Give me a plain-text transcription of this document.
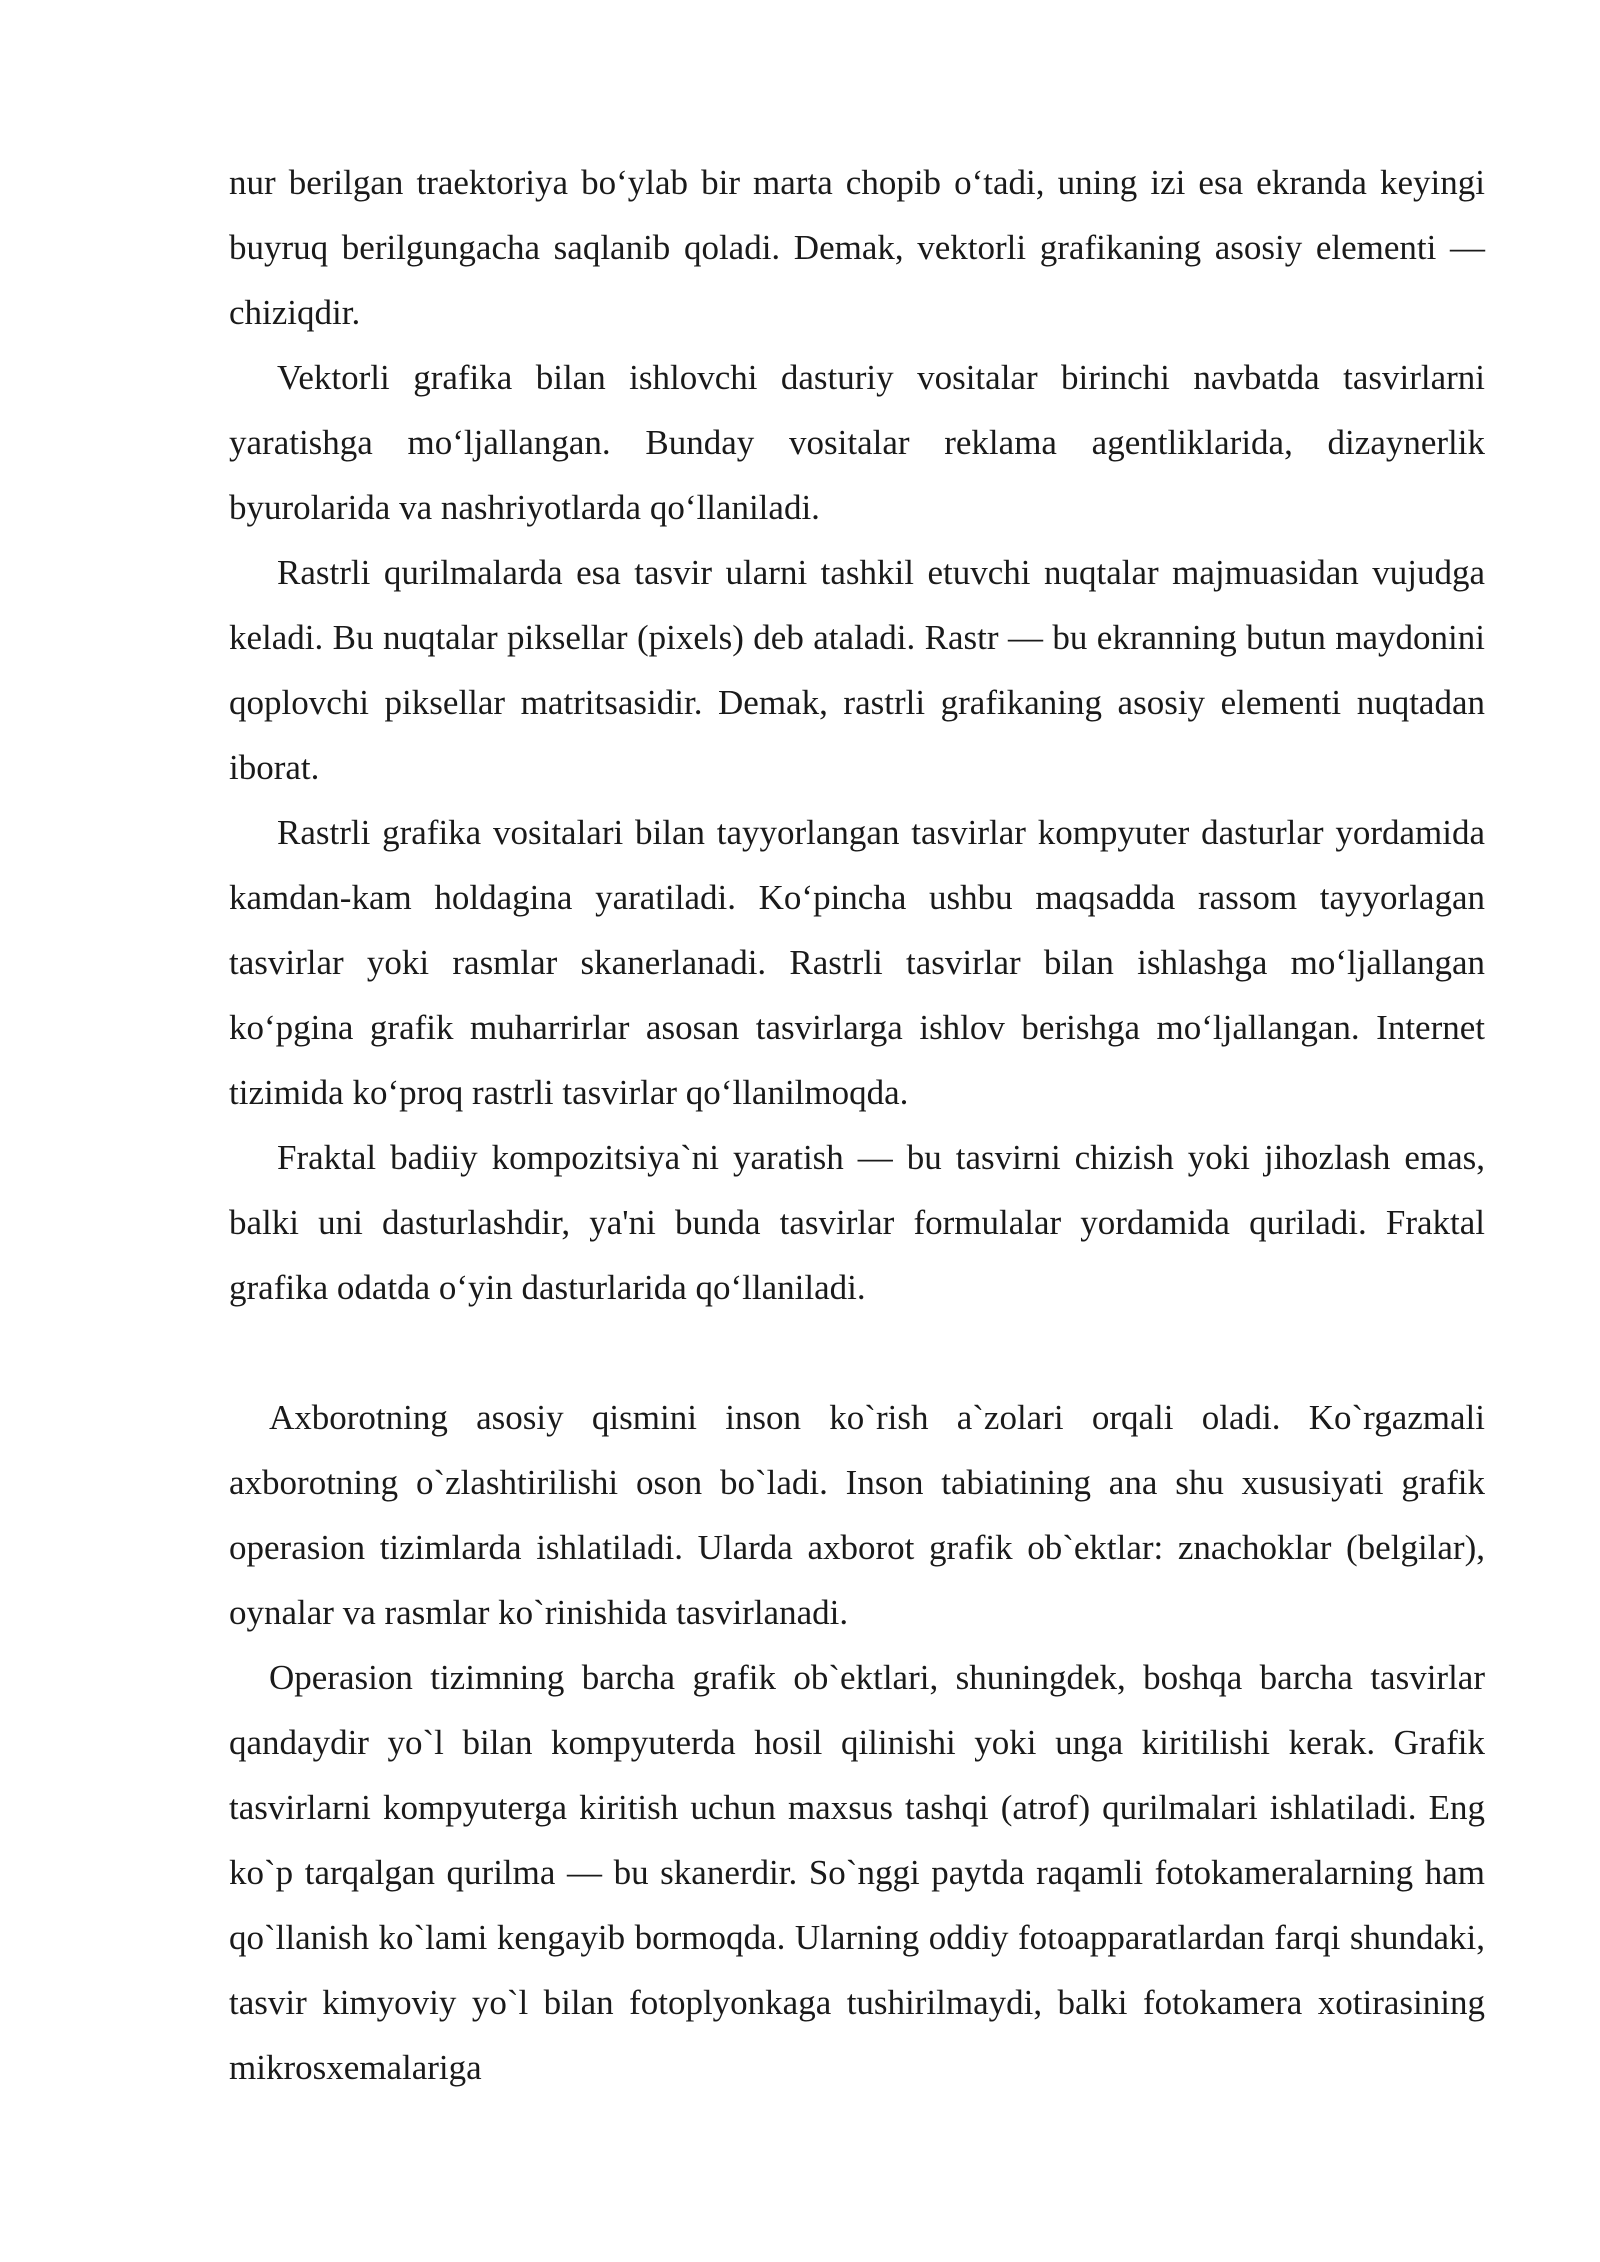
nur berilgan traektoriya bo‘ylab bir marta chopib o‘tadi, uning izi esa ekranda keyingi buyruq berilgungacha saqlanib qoladi. Demak, vektorli grafikaning asosiy elementi — chiziqdir.

Vektorli grafika bilan ishlovchi dasturiy vositalar birinchi navbatda tasvirlarni yaratishga mo‘ljallangan. Bunday vositalar reklama agentliklarida, dizaynerlik byurolarida va nashriyotlarda qo‘llaniladi.

Rastrli qurilmalarda esa tasvir ularni tashkil etuvchi nuqtalar majmuasidan vujudga keladi. Bu nuqtalar piksellar (pixels) deb ataladi. Rastr — bu ekranning butun maydonini qoplovchi piksellar matritsasidir. Demak, rastrli grafikaning asosiy elementi nuqtadan iborat.

Rastrli grafika vositalari bilan tayyorlangan tasvirlar kompyuter dasturlar yordamida kamdan-kam holdagina yaratiladi. Ko‘pincha ushbu maqsadda rassom tayyorlagan tasvirlar yoki rasmlar skanerlanadi. Rastrli tasvirlar bilan ishlashga mo‘ljallangan ko‘pgina grafik muharrirlar asosan tasvirlarga ishlov berishga mo‘ljallangan. Internet tizimida ko‘proq rastrli tasvirlar qo‘llanilmoqda.

Fraktal badiiy kompozitsiya`ni yaratish — bu tasvirni chizish yoki jihozlash emas, balki uni dasturlashdir, ya'ni bunda tasvirlar formulalar yordamida quriladi. Fraktal grafika odatda o‘yin dasturlarida qo‘llaniladi.

Axborotning asosiy qismini inson ko`rish a`zolari orqali oladi. Ko`rgazmali axborotning o`zlashtirilishi oson bo`ladi. Inson tabiatining ana shu xususiyati grafik operasion tizimlarda ishlatiladi. Ularda axborot grafik ob`ektlar: znachoklar (belgilar), oynalar va rasmlar ko`rinishida tasvirlanadi.

Operasion tizimning barcha grafik ob`ektlari, shuningdek, boshqa barcha tasvirlar qandaydir yo`l bilan kompyuterda hosil qilinishi yoki unga kiritilishi kerak. Grafik tasvirlarni kompyuterga kiritish uchun maxsus tashqi (atrof) qurilmalari ishlatiladi. Eng ko`p tarqalgan qurilma — bu skanerdir. So`nggi paytda raqamli fotokameralarning ham qo`llanish ko`lami kengayib bormoqda. Ularning oddiy fotoapparatlardan farqi shundaki, tasvir kimyoviy yo`l bilan fotoplyonkaga tushirilmaydi, balki fotokamera xotirasining mikrosxemalariga
